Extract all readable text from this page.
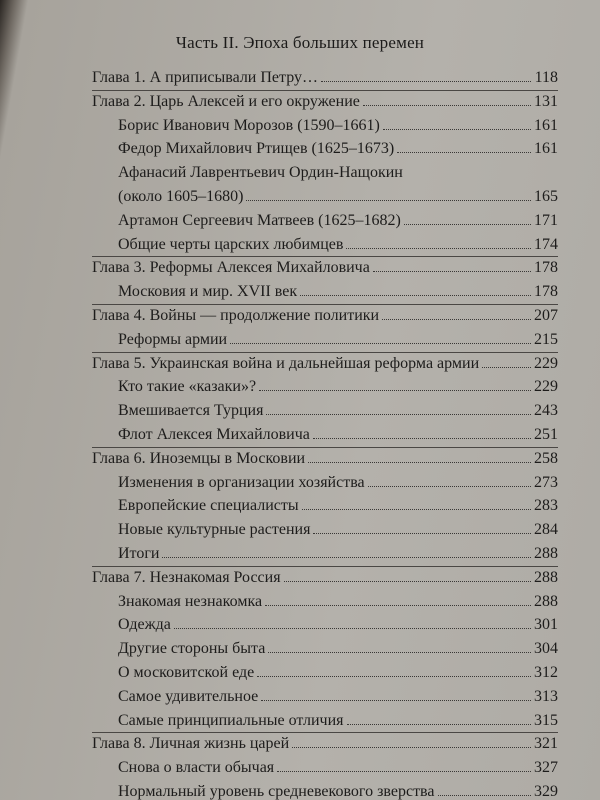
Часть II. Эпоха больших перемен
Глава 1. А приписывали Петру…	118
Глава 2. Царь Алексей и его окружение	131
Борис Иванович Морозов (1590–1661)	161
Федор Михайлович Ртищев (1625–1673)	161
Афанасий Лаврентьевич Ордин-Нащокин
(около 1605–1680)	165
Артамон Сергеевич Матвеев (1625–1682)	171
Общие черты царских любимцев	174
Глава 3. Реформы Алексея Михайловича	178
Московия и мир. XVII век	178
Глава 4. Войны — продолжение политики	207
Реформы армии	215
Глава 5. Украинская война и дальнейшая реформа армии	229
Кто такие «казаки»?	229
Вмешивается Турция	243
Флот Алексея Михайловича	251
Глава 6. Иноземцы в Московии	258
Изменения в организации хозяйства	273
Европейские специалисты	283
Новые культурные растения	284
Итоги	288
Глава 7. Незнакомая Россия	288
Знакомая незнакомка	288
Одежда	301
Другие стороны быта	304
О московитской еде	312
Самое удивительное	313
Самые принципиальные отличия	315
Глава 8. Личная жизнь царей	321
Снова о власти обычая	327
Нормальный уровень средневекового зверства	329
